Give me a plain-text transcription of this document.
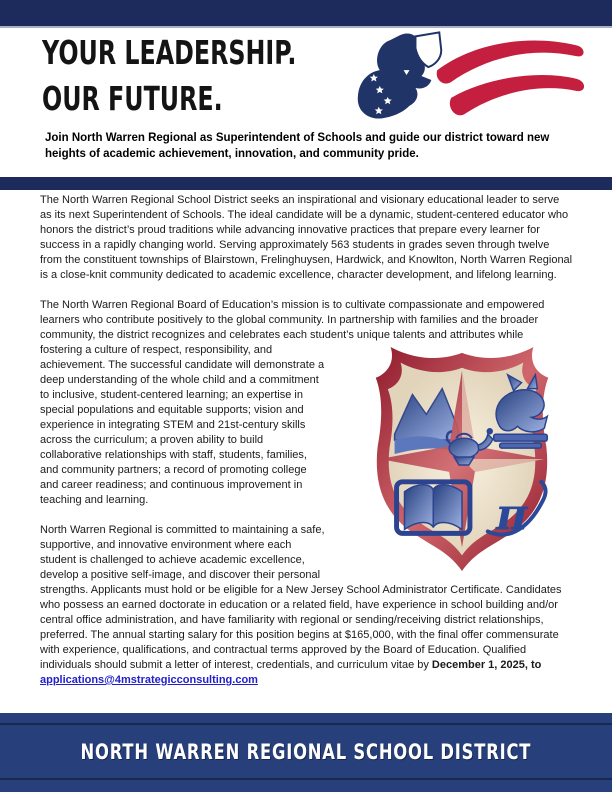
YOUR LEADERSHIP.
OUR FUTURE.
Join North Warren Regional as Superintendent of Schools and guide our district toward new heights of academic achievement, innovation, and community pride.

The North Warren Regional School District seeks an inspirational and visionary educational leader to serve as its next Superintendent of Schools. The ideal candidate will be a dynamic, student-centered educator who honors the district’s proud traditions while advancing innovative practices that prepare every learner for success in a rapidly changing world. Serving approximately 563 students in grades seven through twelve from the constituent townships of Blairstown, Frelinghuysen, Hardwick, and Knowlton, North Warren Regional is a close-knit community dedicated to academic excellence, character development, and lifelong learning.

The North Warren Regional Board of Education’s mission is to cultivate compassionate and empowered learners who contribute positively to the global community. In partnership with families and the broader community, the district recognizes and celebrates each student’s unique talents and attributes while

π

fostering a culture of respect, responsibility, and achievement. The successful candidate will demonstrate a deep understanding of the whole child and a commitment to inclusive, student-centered learning; an expertise in special populations and equitable supports; vision and experience in integrating STEM and 21st-century skills across the curriculum; a proven ability to build collaborative relationships with staff, students, families, and community partners; a record of promoting college and career readiness; and continuous improvement in teaching and learning.

North Warren Regional is committed to maintaining a safe, supportive, and innovative environment where each student is challenged to achieve academic excellence, develop a positive self-image, and discover their personal strengths. Applicants must hold or be eligible for a New Jersey School Administrator Certificate. Candidates who possess an earned doctorate in education or a related field, have experience in school building and/or central office administration, and have familiarity with regional or sending/receiving district relationships, preferred. The annual starting salary for this position begins at $165,000, with the final offer commensurate with experience, qualifications, and contractual terms approved by the Board of Education. Qualified individuals should submit a letter of interest, credentials, and curriculum vitae by December 1, 2025, to applications@4mstrategicconsulting.com

NORTH WARREN REGIONAL SCHOOL DISTRICT
